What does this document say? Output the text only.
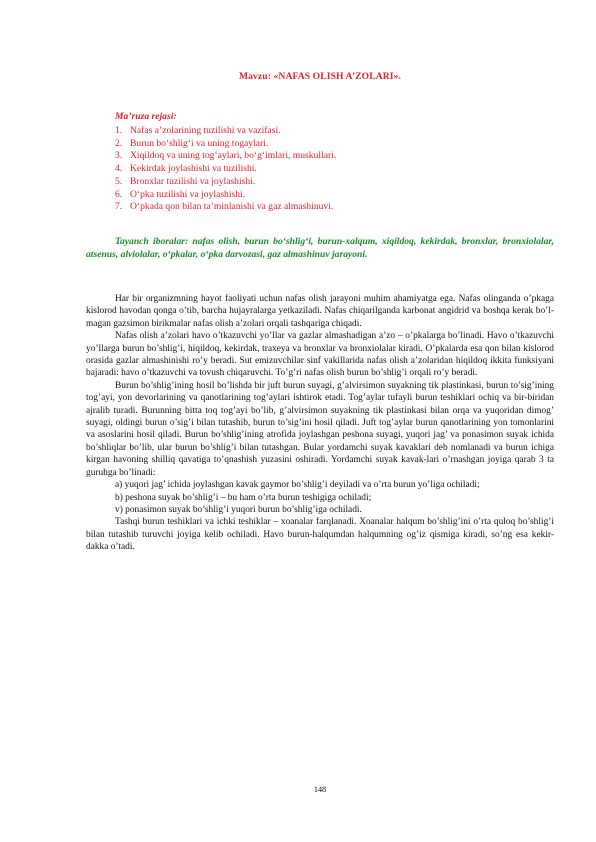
Mavzu: «NAFAS OLISH A’ZOLARI».
Ma’ruza rejasi:
1. Nafas a’zolarining tuzilishi va vazifasi.
2. Burun bo‘shlig‘i va uning togaylari.
3. Xiqildoq va uning tog‘aylari, bo‘g‘imlari, muskullari.
4. Kekirdak joylashishi va tuzilishi.
5. Bronxlar tuzilishi va joylashishi.
6. O‘pka tuzilishi va joylashishi.
7. O‘pkada qon bilan ta’minlanishi va gaz almashinuvi.
Tayanch iboralar: nafas olish, burun bo‘shlig‘i, burun-xalqum, xiqildoq, kekirdak, bronxlar, bronxiolalar, atsenus, alviolalar, o‘pkalar, o‘pka darvozasi, gaz almashinuv jarayoni.

Har bir organizmning hayot faoliyati uchun nafas olish jarayoni muhim ahamiyatga ega. Nafas olinganda o’pkaga kislorod havodan qonga o’tib, barcha hujayralarga yetkaziladi. Nafas chiqarilganda karbonat angidrid va boshqa kerak bo’l-magan gazsimon birikmalar nafas olish a’zolari orqali tashqariga chiqadi.

Nafas olish a’zolari havo o’tkazuvchi yo’llar va gazlar almashadigan a’zo – o’pkalarga bo’linadi. Havo o’tkazuvchi yo’llarga burun bo’shlig’i, hiqildoq, kekirdak, traxeya va bronxlar va bronxiolalar kiradi. O’pkalarda esa qon bilan kislorod orasida gazlar almashinishi ro’y beradi. Sut emizuvchilar sinf vakillarida nafas olish a’zolaridan hiqildoq ikkita funksiyani bajaradi: havo o’tkazuvchi va tovush chiqaruvchi. To’g’ri nafas olish burun bo’shlig’i orqali ro’y beradi.

Burun bo’shlig’ining hosil bo’lishda bir juft burun suyagi, g’alvirsimon suyakning tik plastinkasi, burun to’sig’ining tog’ayi, yon devorlarining va qanotlarining tog’aylari ishtirok etadi. Tog’aylar tufayli burun teshiklari ochiq va bir-biridan ajralib turadi. Burunning bitta toq tog’ayi bo’lib, g’alvirsimon suyakning tik plastinkasi bilan orqa va yuqoridan dimog’ suyagi, oldingi burun o’sig’i bilan tutashib, burun to’sig’ini hosil qiladi. Juft tog’aylar burun qanotlarining yon tomonlarini va asoslarini hosil qiladi. Burun bo’shlig’ining atrofida joylashgan peshona suyagi, yuqori jag’ va ponasimon suyak ichida bo’shliqlar bo’lib, ular burun bo’shlig’i bilan tutashgan. Bular yordamchi suyak kavaklari deb nomlanadi va burun ichiga kirgan havoning shilliq qavatiga to’qnashish yuzasini oshiradi. Yordamchi suyak kavak-lari o’rnashgan joyiga qarab 3 ta guruhga bo’linadi:

a) yuqori jag’ ichida joylashgan kavak gaymor bo’shlig’i deyiladi va o’rta burun yo’liga ochiladi;

b) peshona suyak bo’shlig’i – bu ham o’rta burun teshigiga ochiladi;

v) ponasimon suyak bo’shlig’i yuqori burun bo’shlig’iga ochiladi.

Tashqi burun teshiklari va ichki teshiklar – xoanalar farqlanadi. Xoanalar halqum bo’shlig’ini o’rta quloq bo’shlig’i bilan tutashib turuvchi joyiga kelib ochiladi. Havo burun-halqumdan halqumning og’iz qismiga kiradi, so’ng esa kekir-dakka o’tadi.

148
